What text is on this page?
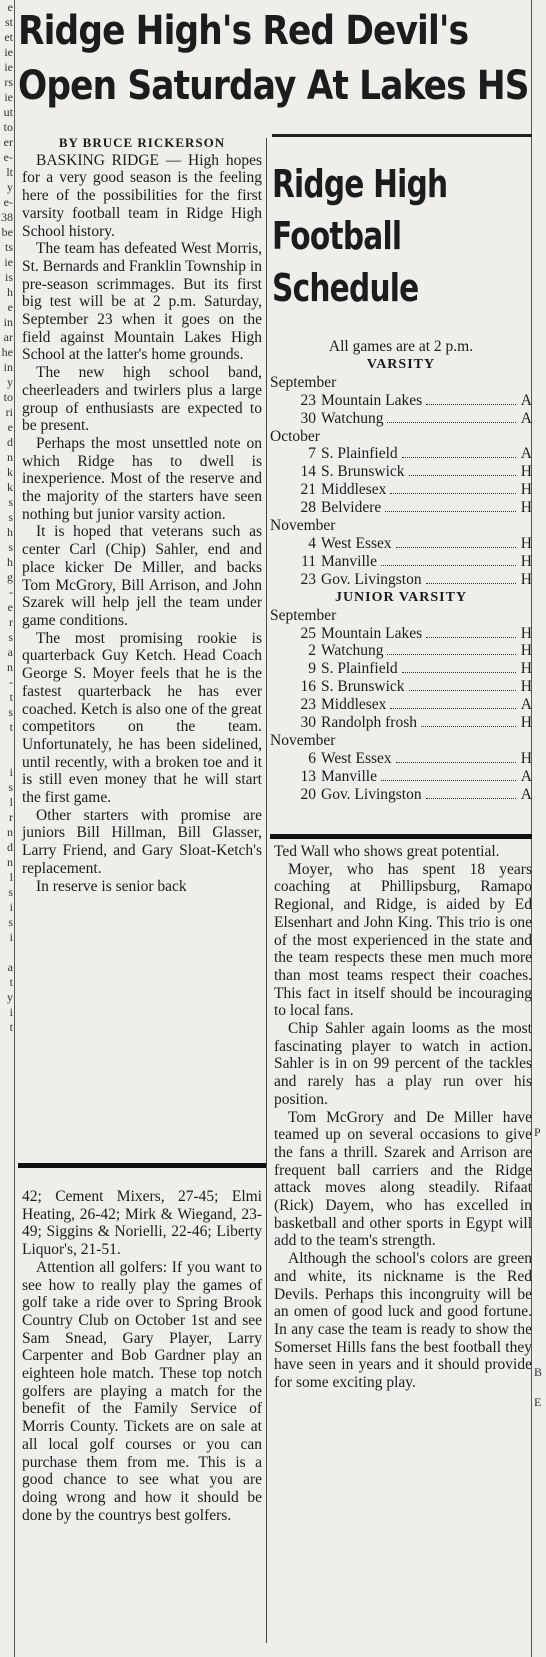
e
st
et
ie
ie
rs
ie
ut
to
er
e-
lt
y
e-
38
be
ts
ie
is
h
e
in
ar
he
in
y
to
ri
e
d
n
k
k
s
s
h
s
h
g
-
e
r
s
a
n
-
t
s
t

i
s
l
r
n
d
n
l
s
i
s
i

a
t
y
i
t

P

B

E

Ridge High's Red Devil's
Open Saturday At Lakes HS

BY BRUCE RICKERSON

BASKING RIDGE — High hopes for a very good season is the feeling here of the possibilities for the first varsity football team in Ridge High School history.

The team has defeated West Morris, St. Bernards and Franklin Township in pre-season scrimmages. But its first big test will be at 2 p.m. Saturday, September 23 when it goes on the field against Mountain Lakes High School at the latter's home grounds.

The new high school band, cheerleaders and twirlers plus a large group of enthusiasts are expected to be present.

Perhaps the most unsettled note on which Ridge has to dwell is inexperience. Most of the reserve and the majority of the starters have seen nothing but junior varsity action.

It is hoped that veterans such as center Carl (Chip) Sahler, end and place kicker De Miller, and backs Tom McGrory, Bill Arrison, and John Szarek will help jell the team under game conditions.

The most promising rookie is quarterback Guy Ketch. Head Coach George S. Moyer feels that he is the fastest quarterback he has ever coached. Ketch is also one of the great competitors on the team. Unfortunately, he has been sidelined, until recently, with a broken toe and it is still even money that he will start the first game.

Other starters with promise are juniors Bill Hillman, Bill Glasser, Larry Friend, and Gary Sloat-Ketch's replacement.

In reserve is senior back

42; Cement Mixers, 27-45; Elmi Heating, 26-42; Mirk & Wiegand, 23-49; Siggins & Norielli, 22-46; Liberty Liquor's, 21-51.

Attention all golfers: If you want to see how to really play the games of golf take a ride over to Spring Brook Country Club on October 1st and see Sam Snead, Gary Player, Larry Carpenter and Bob Gardner play an eighteen hole match. These top notch golfers are playing a match for the benefit of the Family Service of Morris County. Tickets are on sale at all local golf courses or you can purchase them from me. This is a good chance to see what you are doing wrong and how it should be done by the countrys best golfers.

Ridge High
Football
Schedule
All games are at 2 p.m.
VARSITY
September
23 Mountain Lakes	A
30 Watchung	A
October
7 S. Plainfield	A
14 S. Brunswick	H
21 Middlesex	H
28 Belvidere	H
November
4 West Essex	H
11 Manville	H
23 Gov. Livingston	H
JUNIOR VARSITY
September
25 Mountain Lakes	H
2 Watchung	H
9 S. Plainfield	H
16 S. Brunswick	H
23 Middlesex	A
30 Randolph frosh	H
November
6 West Essex	H
13 Manville	A
20 Gov. Livingston	A

Ted Wall who shows great potential.

Moyer, who has spent 18 years coaching at Phillipsburg, Ramapo Regional, and Ridge, is aided by Ed Elsenhart and John King. This trio is one of the most experienced in the state and the team respects these men much more than most teams respect their coaches. This fact in itself should be incouraging to local fans.

Chip Sahler again looms as the most fascinating player to watch in action. Sahler is in on 99 percent of the tackles and rarely has a play run over his position.

Tom McGrory and De Miller have teamed up on several occasions to give the fans a thrill. Szarek and Arrison are frequent ball carriers and the Ridge attack moves along steadily. Rifaat (Rick) Dayem, who has excelled in basketball and other sports in Egypt will add to the team's strength.

Although the school's colors are green and white, its nickname is the Red Devils. Perhaps this incongruity will be an omen of good luck and good fortune. In any case the team is ready to show the Somerset Hills fans the best football they have seen in years and it should provide for some exciting play.
